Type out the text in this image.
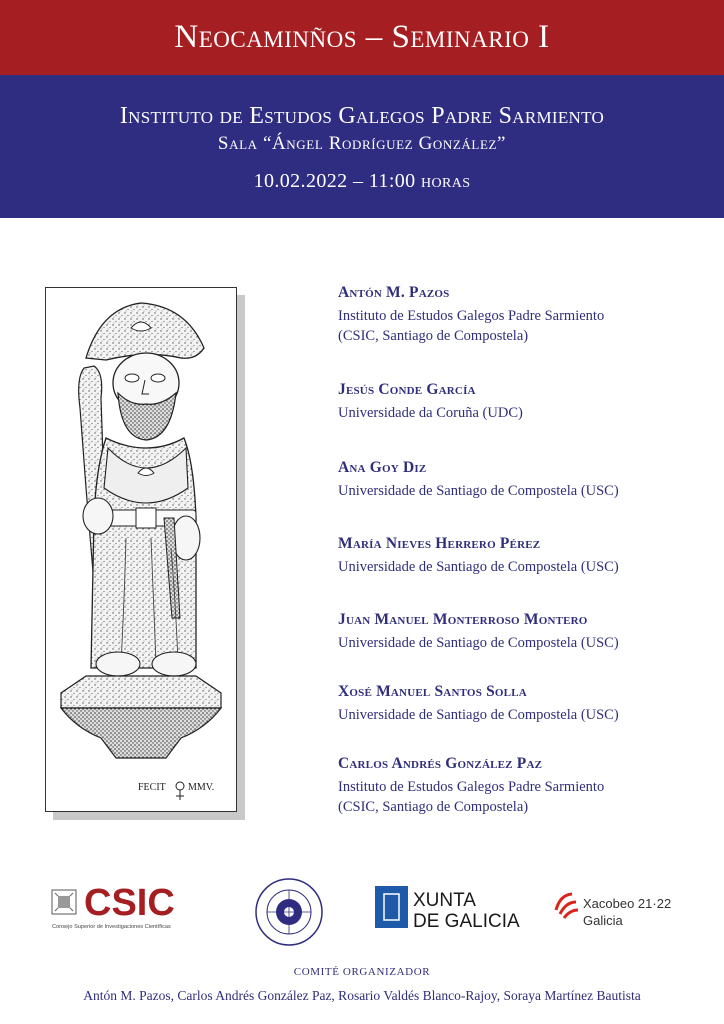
Neocaminños – Seminario I
Instituto de Estudos Galegos Padre Sarmiento
Sala “Ángel Rodríguez González”
10.02.2022 – 11:00 horas
FECIT MMV.
Antón M. Pazos
Instituto de Estudos Galegos Padre Sarmiento
(CSIC, Santiago de Compostela)
Jesús Conde García
Universidade da Coruña (UDC)
Ana Goy Diz
Universidade de Santiago de Compostela (USC)
María Nieves Herrero Pérez
Universidade de Santiago de Compostela (USC)
Juan Manuel Monterroso Montero
Universidade de Santiago de Compostela (USC)
Xosé Manuel Santos Solla
Universidade de Santiago de Compostela (USC)
Carlos Andrés González Paz
Instituto de Estudos Galegos Padre Sarmiento
(CSIC, Santiago de Compostela)
CSIC
Consejo Superior de Investigaciones Científicas
XUNTA
DE GALICIA
Xacobeo 21·22
Galicia
COMITÉ ORGANIZADOR
Antón M. Pazos, Carlos Andrés González Paz, Rosario Valdés Blanco-Rajoy, Soraya Martínez Bautista
